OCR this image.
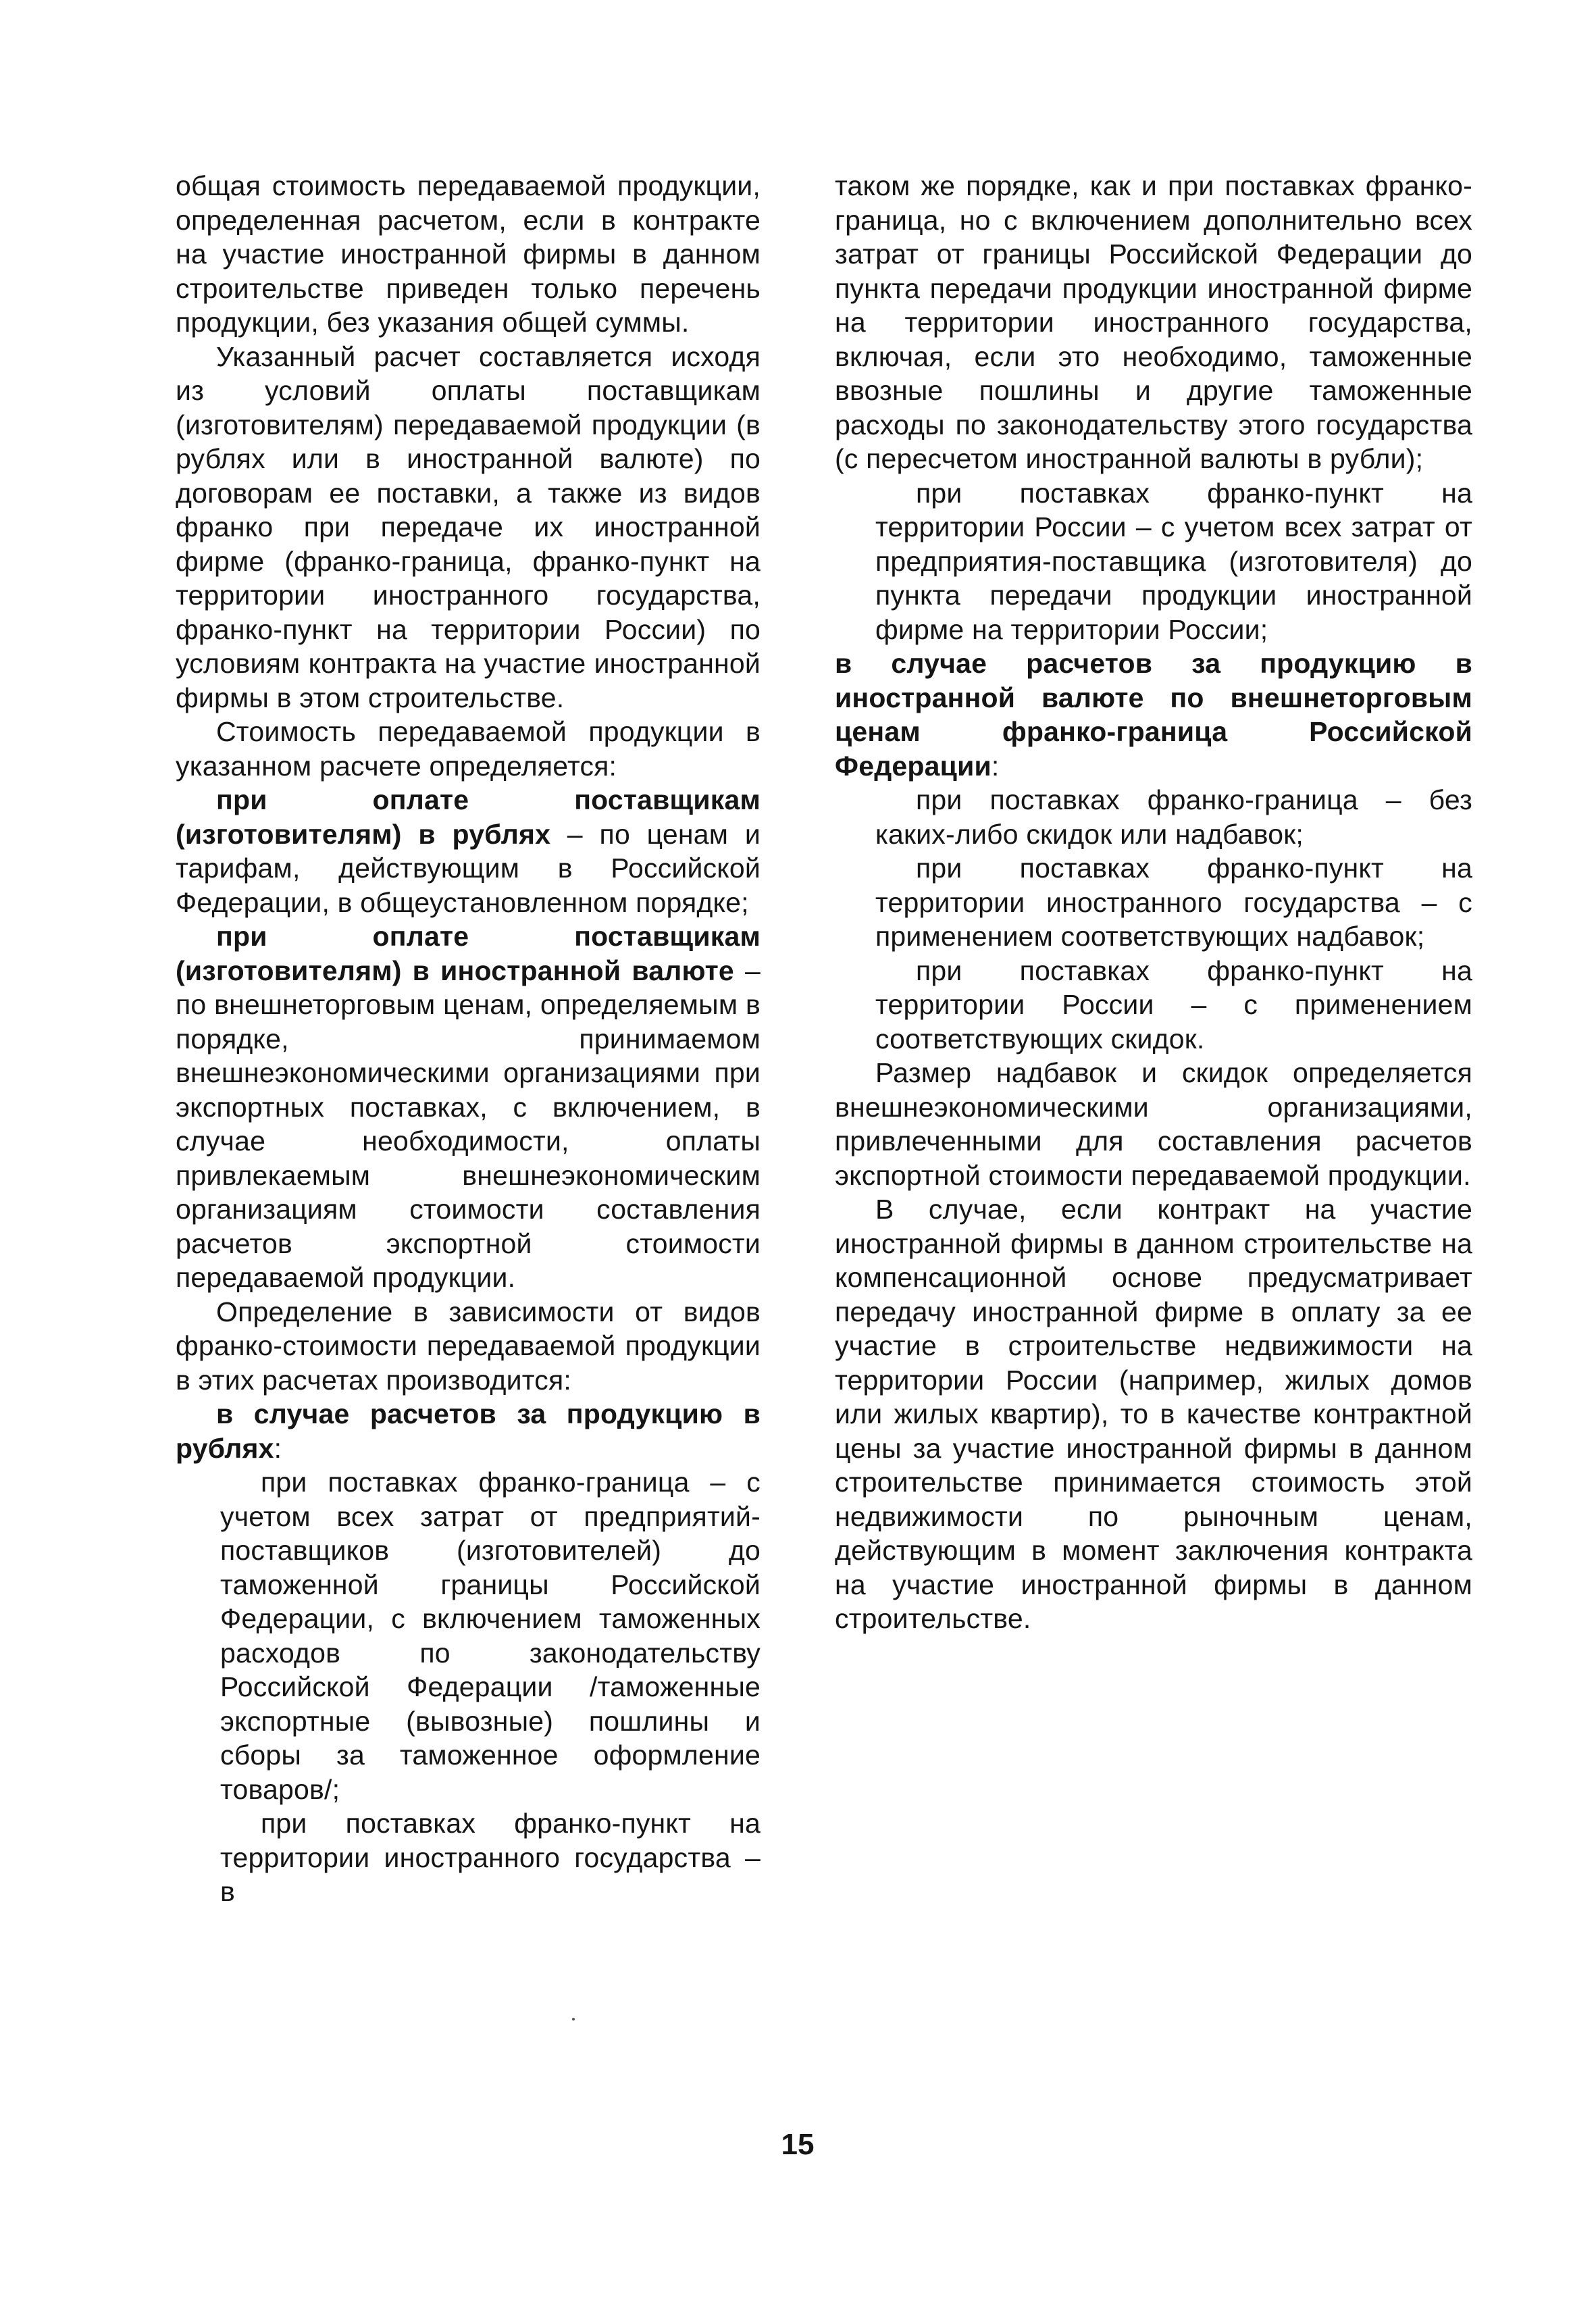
общая стоимость передаваемой продукции, определенная расчетом, если в контракте на участие иностранной фирмы в данном строительстве приведен только перечень продукции, без указания общей суммы.

Указанный расчет составляется исходя из условий оплаты поставщикам (изготовителям) передаваемой продукции (в рублях или в иностранной валюте) по договорам ее поставки, а также из видов франко при передаче их иностранной фирме (франко-граница, франко-пункт на территории иностранного государства, франко-пункт на территории России) по условиям контракта на участие иностранной фирмы в этом строительстве.

Стоимость передаваемой продукции в указанном расчете определяется:

при оплате поставщикам (изготовителям) в рублях – по ценам и тарифам, действующим в Российской Федерации, в общеустановленном порядке;

при оплате поставщикам (изготовителям) в иностранной валюте – по внешнеторговым ценам, определяемым в порядке, принимаемом внешнеэкономическими организациями при экспортных поставках, с включением, в случае необходимости, оплаты привлекаемым внешнеэкономическим организациям стоимости составления расчетов экспортной стоимости передаваемой продукции.

Определение в зависимости от видов франко-стоимости передаваемой продукции в этих расчетах производится:

в случае расчетов за продукцию в рублях:

при поставках франко-граница – с учетом всех затрат от предприятий-поставщиков (изготовителей) до таможенной границы Российской Федерации, с включением таможенных расходов по законодательству Российской Федерации /таможенные экспортные (вывозные) пошлины и сборы за таможенное оформление товаров/;

при поставках франко-пункт на территории иностранного государства – в

таком же порядке, как и при поставках франко-граница, но с включением дополнительно всех затрат от границы Российской Федерации до пункта передачи продукции иностранной фирме на территории иностранного государства, включая, если это необходимо, таможенные ввозные пошлины и другие таможенные расходы по законодательству этого государства (с пересчетом иностранной валюты в рубли);

при поставках франко-пункт на территории России – с учетом всех затрат от предприятия-поставщика (изготовителя) до пункта передачи продукции иностранной фирме на территории России;

в случае расчетов за продукцию в иностранной валюте по внешнеторговым ценам франко-граница Российской Федерации:

при поставках франко-граница – без каких-либо скидок или надбавок;

при поставках франко-пункт на территории иностранного государства – с применением соответствующих надбавок;

при поставках франко-пункт на территории России – с применением соответствующих скидок.

Размер надбавок и скидок определяется внешнеэкономическими организациями, привлеченными для составления расчетов экспортной стоимости передаваемой продукции.

В случае, если контракт на участие иностранной фирмы в данном строительстве на компенсационной основе предусматривает передачу иностранной фирме в оплату за ее участие в строительстве недвижимости на территории России (например, жилых домов или жилых квартир), то в качестве контрактной цены за участие иностранной фирмы в данном строительстве принимается стоимость этой недвижимости по рыночным ценам, действующим в момент заключения контракта на участие иностранной фирмы в данном строительстве.

15
